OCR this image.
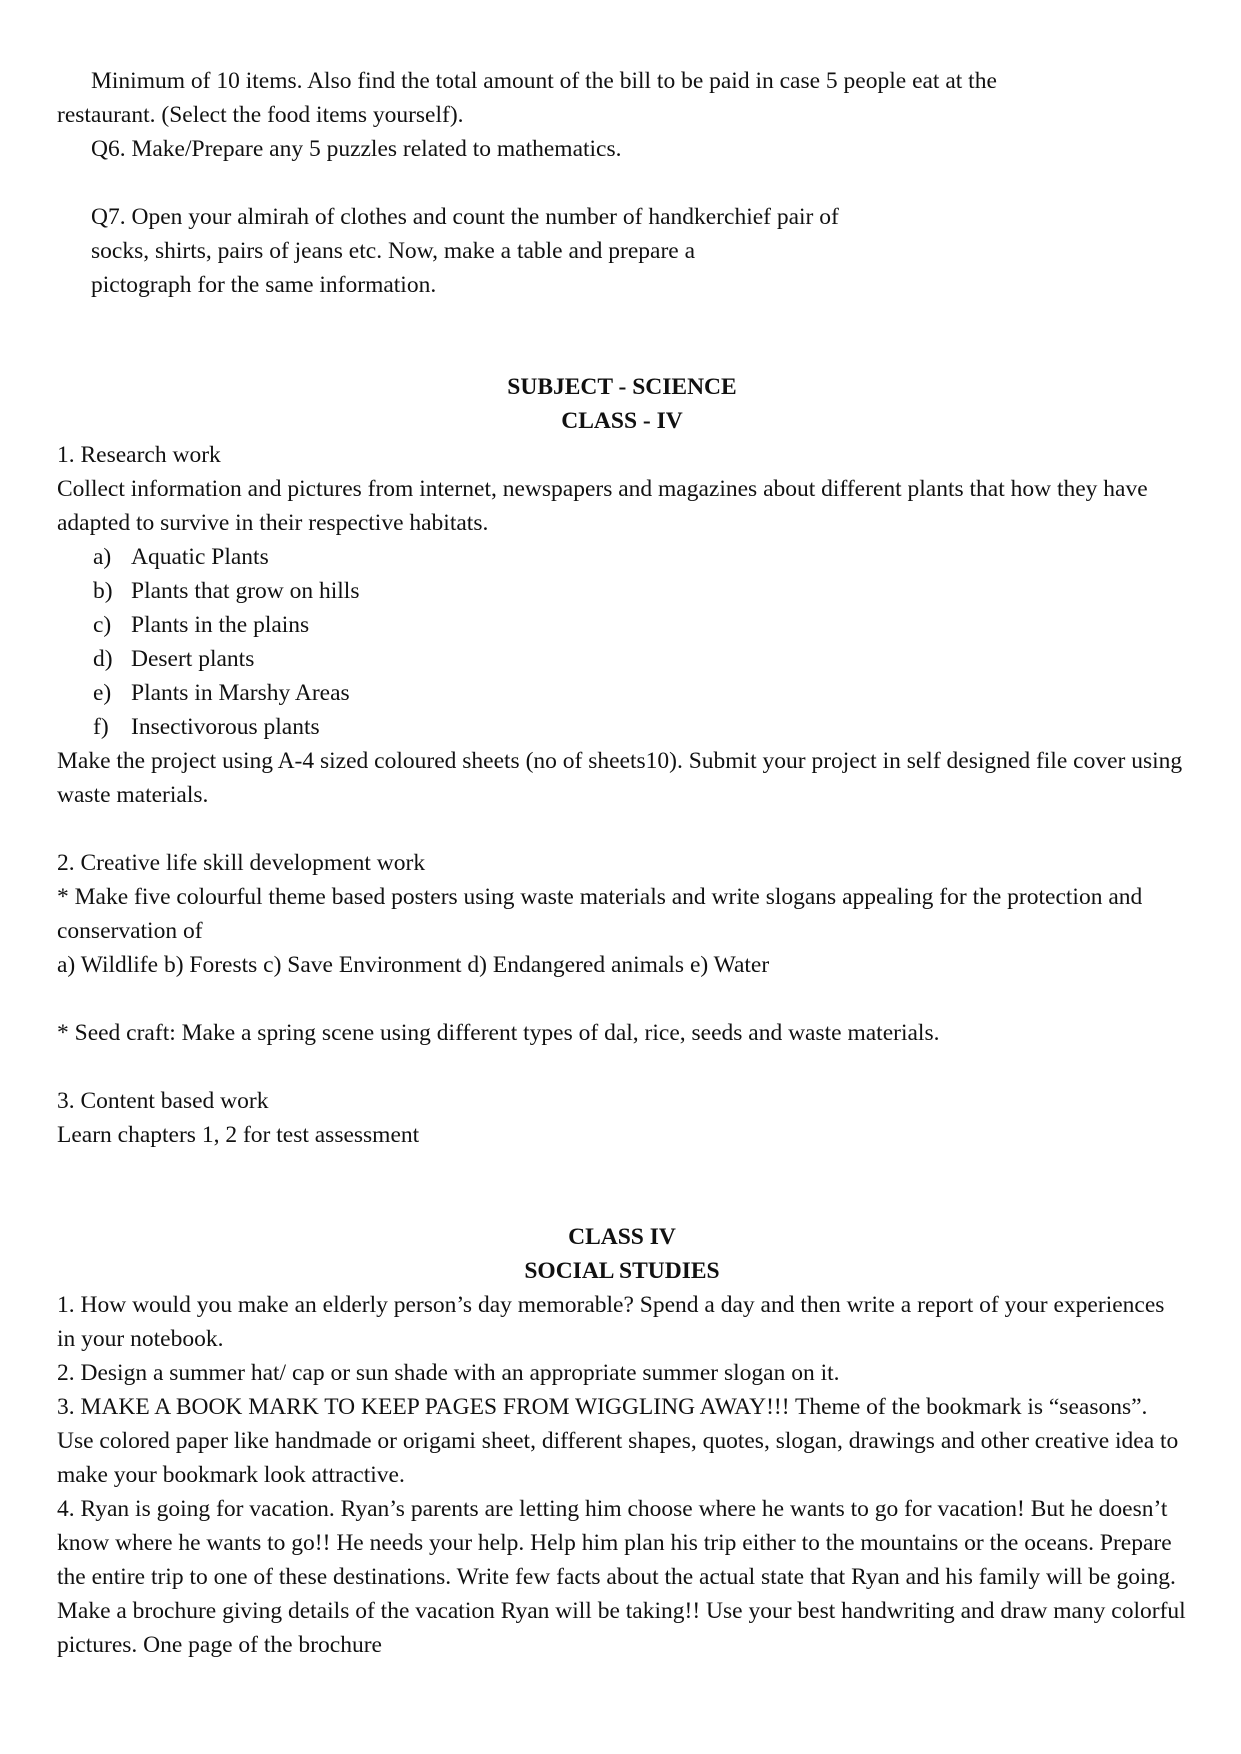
Minimum of 10 items. Also find the total amount of the bill to be paid in case 5 people eat at the

restaurant. (Select the food items yourself).

Q6. Make/Prepare any 5 puzzles related to mathematics.

Q7. Open your almirah of clothes and count the number of handkerchief pair of

socks, shirts, pairs of jeans etc. Now, make a table and prepare a

pictograph for the same information.

SUBJECT - SCIENCE

CLASS - IV

1. Research work

Collect information and pictures from internet, newspapers and magazines about different plants that how they have adapted to survive in their respective habitats.

a) Aquatic Plants
b) Plants that grow on hills
c) Plants in the plains
d) Desert plants
e) Plants in Marshy Areas
f) Insectivorous plants

Make the project using A-4 sized coloured sheets (no of sheets10). Submit your project in self designed file cover using waste materials.

2. Creative life skill development work

* Make five colourful theme based posters using waste materials and write slogans appealing for the protection and conservation of

a) Wildlife b) Forests c) Save Environment d) Endangered animals e) Water

* Seed craft: Make a spring scene using different types of dal, rice, seeds and waste materials.

3. Content based work

Learn chapters 1, 2 for test assessment

CLASS IV

SOCIAL STUDIES

1. How would you make an elderly person’s day memorable? Spend a day and then write a report of your experiences in your notebook.

2. Design a summer hat/ cap or sun shade with an appropriate summer slogan on it.

3. MAKE A BOOK MARK TO KEEP PAGES FROM WIGGLING AWAY!!! Theme of the bookmark is “seasons”. Use colored paper like handmade or origami sheet, different shapes, quotes, slogan, drawings and other creative idea to make your bookmark look attractive.

4. Ryan is going for vacation. Ryan’s parents are letting him choose where he wants to go for vacation! But he doesn’t know where he wants to go!! He needs your help. Help him plan his trip either to the mountains or the oceans. Prepare the entire trip to one of these destinations. Write few facts about the actual state that Ryan and his family will be going. Make a brochure giving details of the vacation Ryan will be taking!! Use your best handwriting and draw many colorful pictures. One page of the brochure
